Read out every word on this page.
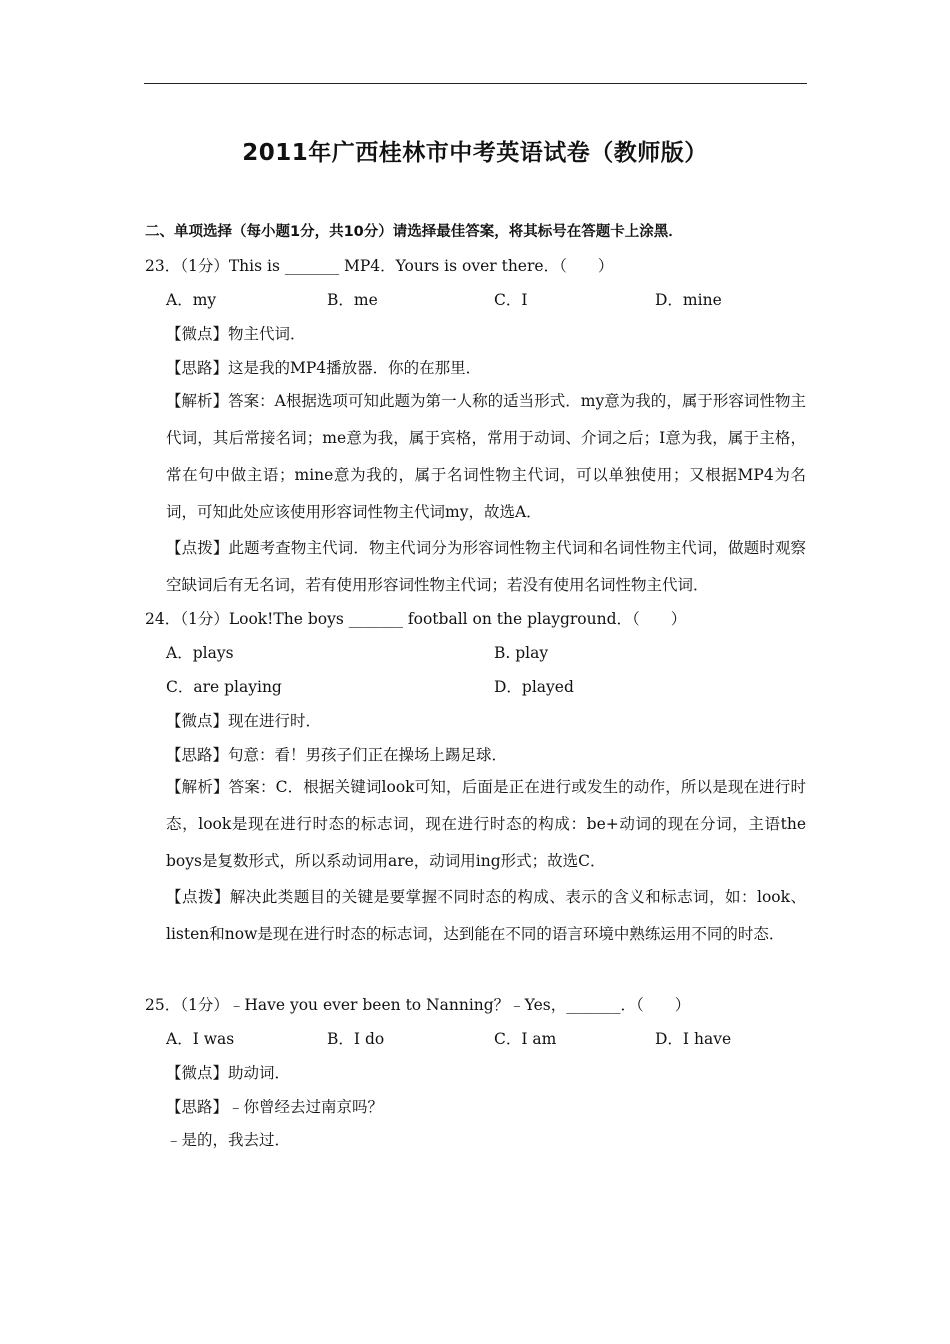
2011年广西桂林市中考英语试卷（教师版）
二、单项选择（每小题1分，共10分）请选择最佳答案，将其标号在答题卡上涂黑．
23．（1分）This is _______ MP4．Yours is over there．（　　）
A．my	B．me	C．I	D．mine
【微点】物主代词．
【思路】这是我的MP4播放器．你的在那里．
【解析】答案：A根据选项可知此题为第一人称的适当形式．my意为我的，属于形容词性物主代词，其后常接名词；me意为我，属于宾格，常用于动词、介词之后；I意为我，属于主格，常在句中做主语；mine意为我的，属于名词性物主代词，可以单独使用；又根据MP4为名词，可知此处应该使用形容词性物主代词my，故选A．
【点拨】此题考查物主代词．物主代词分为形容词性物主代词和名词性物主代词，做题时观察空缺词后有无名词，若有使用形容词性物主代词；若没有使用名词性物主代词．
24．（1分）Look!The boys _______ football on the playground．（　　）
A．plays	B. play
C．are playing	D．played
【微点】现在进行时．
【思路】句意：看！男孩子们正在操场上踢足球．
【解析】答案：C．根据关键词look可知，后面是正在进行或发生的动作，所以是现在进行时态，look是现在进行时态的标志词，现在进行时态的构成：be+动词的现在分词，主语the boys是复数形式，所以系动词用are，动词用ing形式；故选C．
【点拨】解决此类题目的关键是要掌握不同时态的构成、表示的含义和标志词，如：look、listen和now是现在进行时态的标志词，达到能在不同的语言环境中熟练运用不同的时态．
25．（1分）﹣Have you ever been to Nanning？﹣Yes，_______．（　　）
A．I was	B．I do	C．I am	D．I have
【微点】助动词．
【思路】﹣你曾经去过南京吗？
﹣是的，我去过．
